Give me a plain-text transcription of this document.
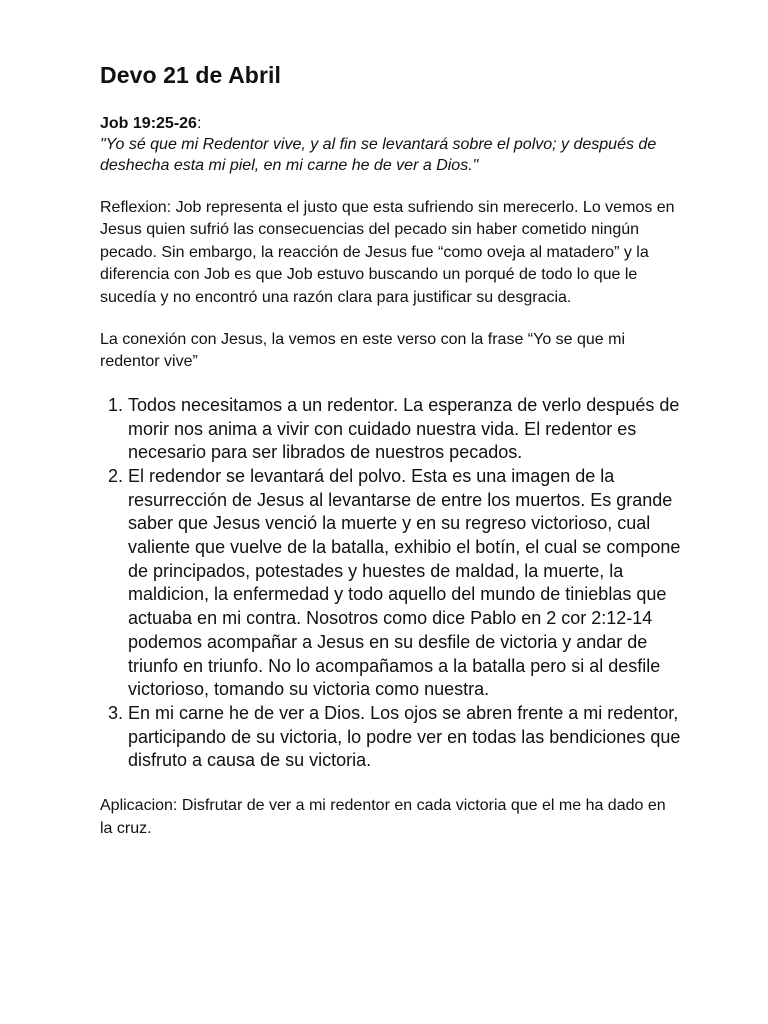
Devo 21 de Abril
Job 19:25-26:
"Yo sé que mi Redentor vive, y al fin se levantará sobre el polvo; y después de deshecha esta mi piel, en mi carne he de ver a Dios."

Reflexion: Job representa el justo que esta sufriendo sin merecerlo. Lo vemos en Jesus quien sufrió las consecuencias del pecado sin haber cometido ningún pecado. Sin embargo, la reacción de Jesus fue “como oveja al matadero” y la diferencia con Job es que Job estuvo buscando un porqué de todo lo que le sucedía y no encontró una razón clara para justificar su desgracia.

La conexión con Jesus, la vemos en este verso con la frase “Yo se que mi redentor vive”

1. Todos necesitamos a un redentor. La esperanza de verlo después de morir nos anima a vivir con cuidado nuestra vida. El redentor es necesario para ser librados de nuestros pecados.
2. El redendor se levantará del polvo. Esta es una imagen de la resurrección de Jesus al levantarse de entre los muertos. Es grande saber que Jesus venció la muerte y en su regreso victorioso, cual valiente que vuelve de la batalla, exhibio el botín, el cual se compone de principados, potestades y huestes de maldad, la muerte, la maldicion, la enfermedad y todo aquello del mundo de tinieblas que actuaba en mi contra. Nosotros como dice Pablo en 2 cor 2:12-14 podemos acompañar a Jesus en su desfile de victoria y andar de triunfo en triunfo. No lo acompañamos a la batalla pero si al desfile victorioso, tomando su victoria como nuestra.
3. En mi carne he de ver a Dios. Los ojos se abren frente a mi redentor, participando de su victoria, lo podre ver en todas las bendiciones que disfruto a causa de su victoria.

Aplicacion: Disfrutar de ver a mi redentor en cada victoria que el me ha dado en la cruz.
